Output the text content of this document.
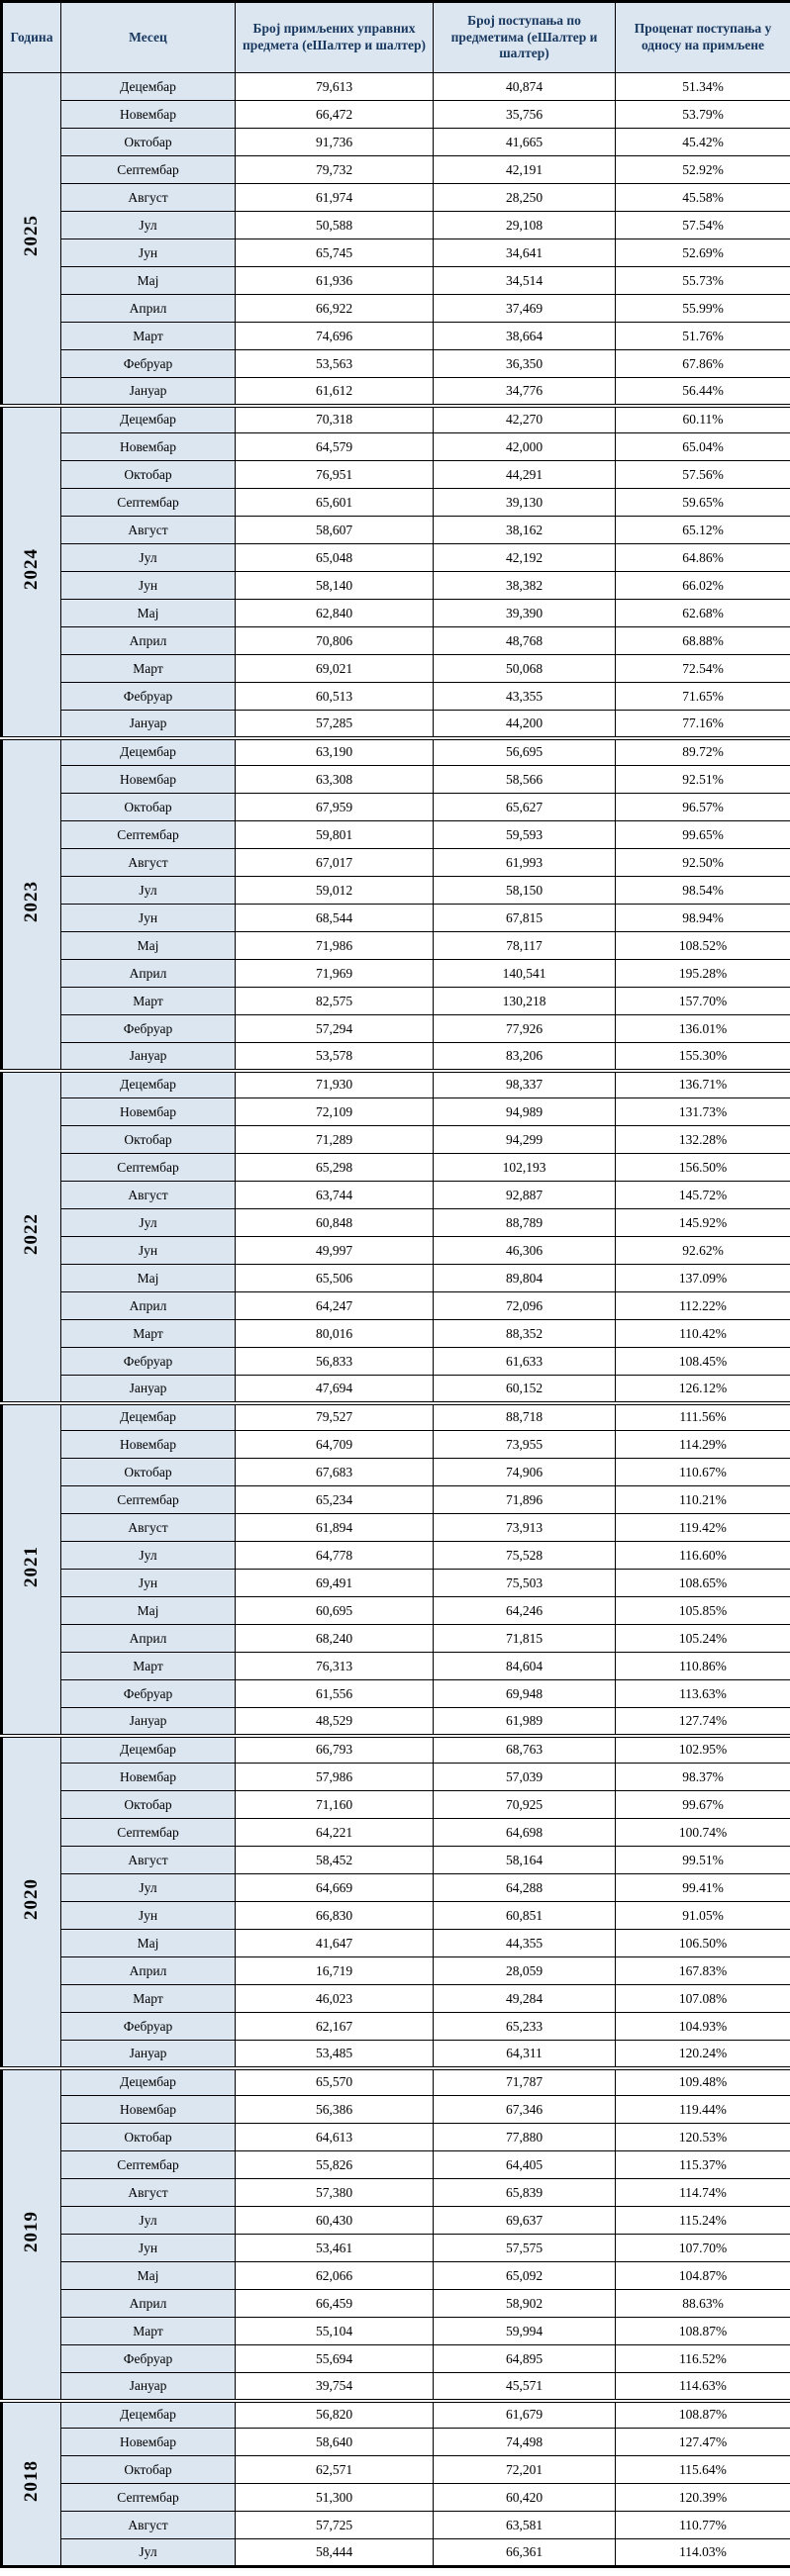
Година	Месец	Број примљених управних предмета (еШалтер и шалтер)	Број поступања по предметима (еШалтер и шалтер)	Проценат поступања у односу на примљене
2025	Децембар	79,613	40,874	51.34%
	Новембар	66,472	35,756	53.79%
	Октобар	91,736	41,665	45.42%
	Септембар	79,732	42,191	52.92%
	Август	61,974	28,250	45.58%
	Јул	50,588	29,108	57.54%
	Јун	65,745	34,641	52.69%
	Мај	61,936	34,514	55.73%
	Април	66,922	37,469	55.99%
	Март	74,696	38,664	51.76%
	Фебруар	53,563	36,350	67.86%
	Јануар	61,612	34,776	56.44%
2024	Децембар	70,318	42,270	60.11%
	Новембар	64,579	42,000	65.04%
	Октобар	76,951	44,291	57.56%
	Септембар	65,601	39,130	59.65%
	Август	58,607	38,162	65.12%
	Јул	65,048	42,192	64.86%
	Јун	58,140	38,382	66.02%
	Мај	62,840	39,390	62.68%
	Април	70,806	48,768	68.88%
	Март	69,021	50,068	72.54%
	Фебруар	60,513	43,355	71.65%
	Јануар	57,285	44,200	77.16%
2023	Децембар	63,190	56,695	89.72%
	Новембар	63,308	58,566	92.51%
	Октобар	67,959	65,627	96.57%
	Септембар	59,801	59,593	99.65%
	Август	67,017	61,993	92.50%
	Јул	59,012	58,150	98.54%
	Јун	68,544	67,815	98.94%
	Мај	71,986	78,117	108.52%
	Април	71,969	140,541	195.28%
	Март	82,575	130,218	157.70%
	Фебруар	57,294	77,926	136.01%
	Јануар	53,578	83,206	155.30%
2022	Децембар	71,930	98,337	136.71%
	Новембар	72,109	94,989	131.73%
	Октобар	71,289	94,299	132.28%
	Септембар	65,298	102,193	156.50%
	Август	63,744	92,887	145.72%
	Јул	60,848	88,789	145.92%
	Јун	49,997	46,306	92.62%
	Мај	65,506	89,804	137.09%
	Април	64,247	72,096	112.22%
	Март	80,016	88,352	110.42%
	Фебруар	56,833	61,633	108.45%
	Јануар	47,694	60,152	126.12%
2021	Децембар	79,527	88,718	111.56%
	Новембар	64,709	73,955	114.29%
	Октобар	67,683	74,906	110.67%
	Септембар	65,234	71,896	110.21%
	Август	61,894	73,913	119.42%
	Јул	64,778	75,528	116.60%
	Јун	69,491	75,503	108.65%
	Мај	60,695	64,246	105.85%
	Април	68,240	71,815	105.24%
	Март	76,313	84,604	110.86%
	Фебруар	61,556	69,948	113.63%
	Јануар	48,529	61,989	127.74%
2020	Децембар	66,793	68,763	102.95%
	Новембар	57,986	57,039	98.37%
	Октобар	71,160	70,925	99.67%
	Септембар	64,221	64,698	100.74%
	Август	58,452	58,164	99.51%
	Јул	64,669	64,288	99.41%
	Јун	66,830	60,851	91.05%
	Мај	41,647	44,355	106.50%
	Април	16,719	28,059	167.83%
	Март	46,023	49,284	107.08%
	Фебруар	62,167	65,233	104.93%
	Јануар	53,485	64,311	120.24%
2019	Децембар	65,570	71,787	109.48%
	Новембар	56,386	67,346	119.44%
	Октобар	64,613	77,880	120.53%
	Септембар	55,826	64,405	115.37%
	Август	57,380	65,839	114.74%
	Јул	60,430	69,637	115.24%
	Јун	53,461	57,575	107.70%
	Мај	62,066	65,092	104.87%
	Април	66,459	58,902	88.63%
	Март	55,104	59,994	108.87%
	Фебруар	55,694	64,895	116.52%
	Јануар	39,754	45,571	114.63%
2018	Децембар	56,820	61,679	108.87%
	Новембар	58,640	74,498	127.47%
	Октобар	62,571	72,201	115.64%
	Септембар	51,300	60,420	120.39%
	Август	57,725	63,581	110.77%
	Јул	58,444	66,361	114.03%
